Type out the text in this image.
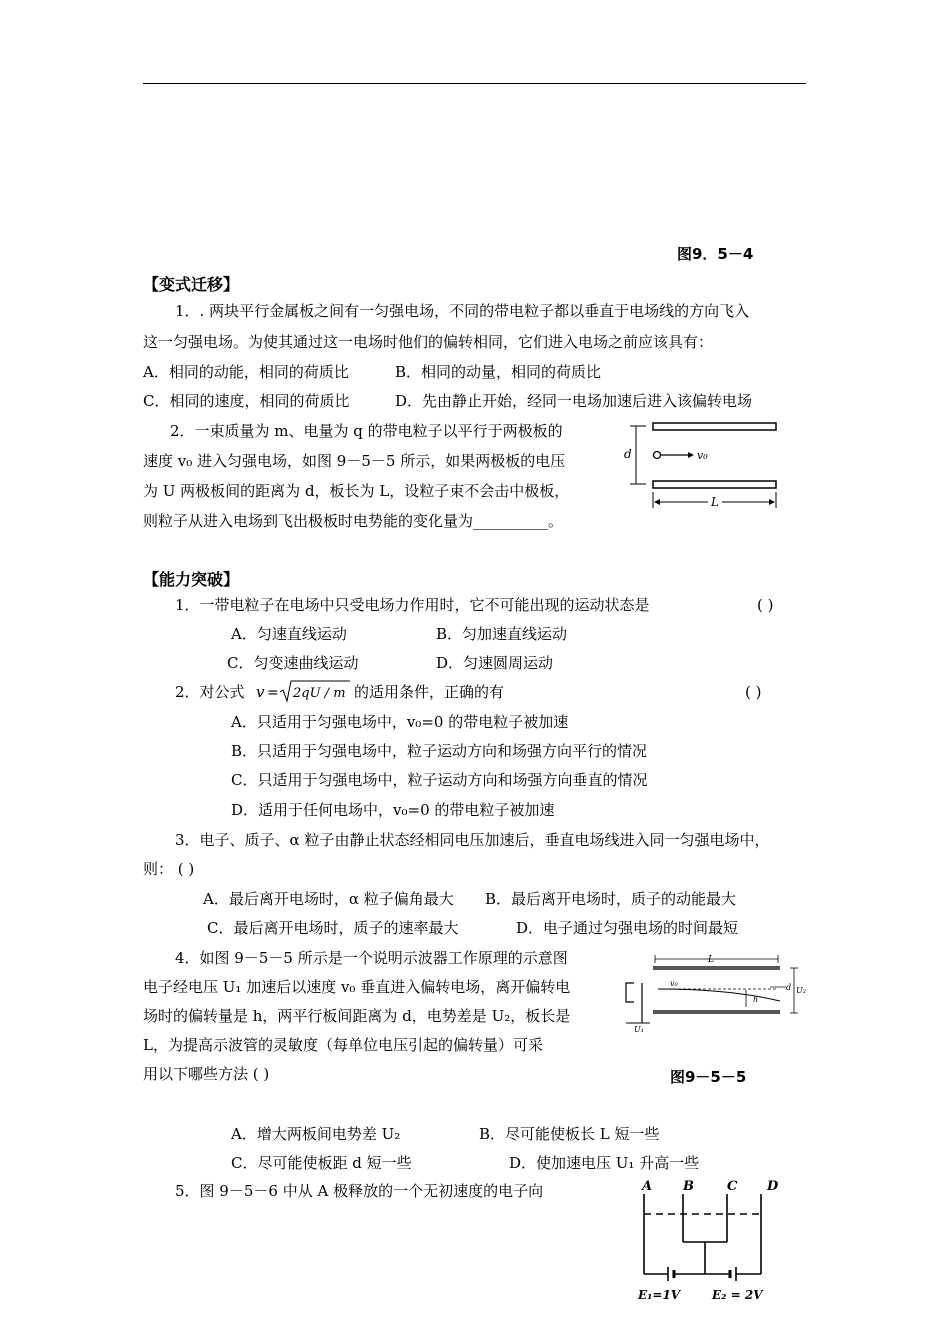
图9．5－4
【变式迁移】
1．. 两块平行金属板之间有一匀强电场，不同的带电粒子都以垂直于电场线的方向飞入
这一匀强电场。为使其通过这一电场时他们的偏转相同，它们进入电场之前应该具有：
A．相同的动能，相同的荷质比	B．相同的动量，相同的荷质比
C．相同的速度，相同的荷质比	D．先由静止开始，经同一电场加速后进入该偏转电场
2．一束质量为 m、电量为 q 的带电粒子以平行于两极板的
速度 v₀ 进入匀强电场，如图 9－5－5 所示，如果两极板的电压
为 U 两极板间的距离为 d，板长为 L，设粒子束不会击中极板，
则粒子从进入电场到飞出极板时电势能的变化量为__________。
d	v₀
L
【能力突破】
1．一带电粒子在电场中只受电场力作用时，它不可能出现的运动状态是	( )
A．匀速直线运动	B．匀加速直线运动
C．匀变速曲线运动	D．匀速圆周运动
2．对公式 v = 2qU / m 的适用条件，正确的有	( )
A．只适用于匀强电场中，v₀=0 的带电粒子被加速
B．只适用于匀强电场中，粒子运动方向和场强方向平行的情况
C．只适用于匀强电场中，粒子运动方向和场强方向垂直的情况
D．适用于任何电场中，v₀=0 的带电粒子被加速
3．电子、质子、α 粒子由静止状态经相同电压加速后，垂直电场线进入同一匀强电场中，
则： ( )
A．最后离开电场时，α 粒子偏角最大 B．最后离开电场时，质子的动能最大
C．最后离开电场时，质子的速率最大	D．电子通过匀强电场的时间最短
4．如图 9－5－5 所示是一个说明示波器工作原理的示意图
电子经电压 U₁ 加速后以速度 v₀ 垂直进入偏转电场，离开偏转电
场时的偏转量是 h，两平行板间距离为 d，电势差是 U₂，板长是
L，为提高示波管的灵敏度（每单位电压引起的偏转量）可采
用以下哪些方法 ( )	图9－5－5
L
v₀
h
d U₂
U₁
A．增大两板间电势差 U₂	B．尽可能使板长 L 短一些
C．尽可能使板距 d 短一些	D．使加速电压 U₁ 升高一些
5．图 9－5－6 中从 A 极释放的一个无初速度的电子向	A B	C D
E₁=1V	E₂ = 2V
